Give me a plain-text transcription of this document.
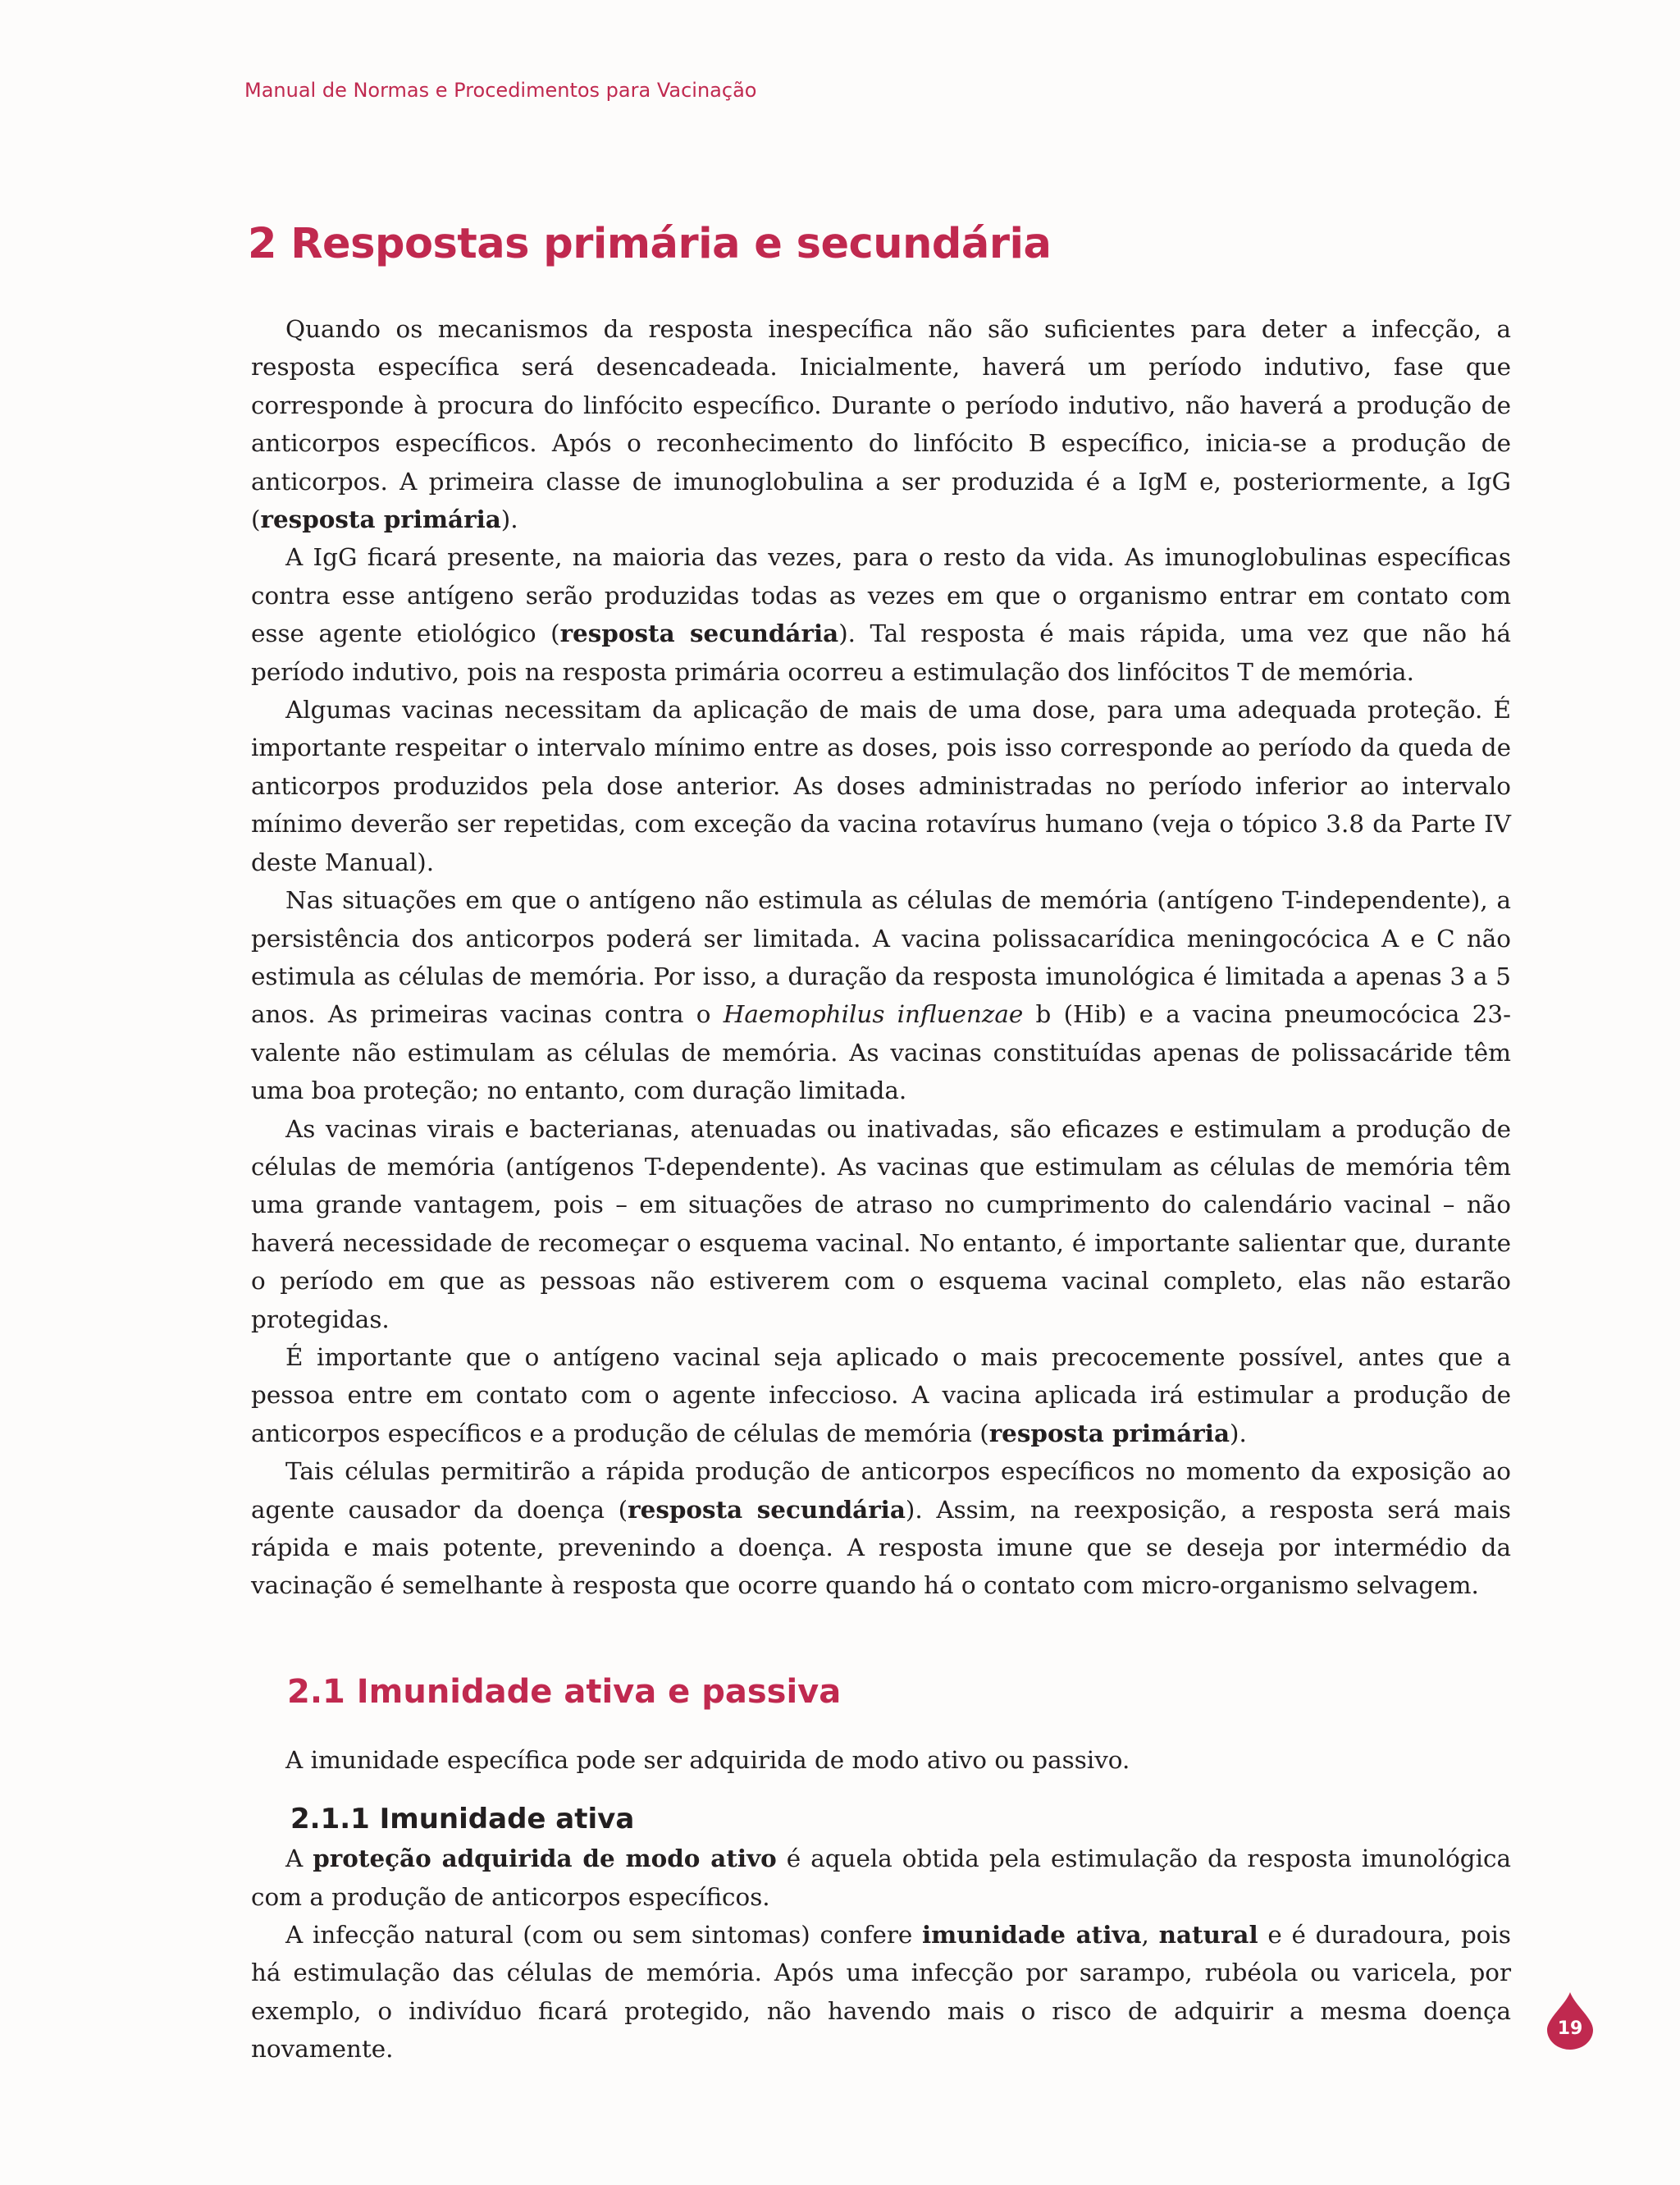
Manual de Normas e Procedimentos para Vacinação
2 Respostas primária e secundária

Quando os mecanismos da resposta inespecífica não são suficientes para deter a infecção, a resposta específica será desencadeada. Inicialmente, haverá um período indutivo, fase que corresponde à procura do linfócito específico. Durante o período indutivo, não haverá a produção de anticorpos específicos. Após o reconhecimento do linfócito B específico, inicia-se a produção de anticorpos. A primeira classe de imunoglobulina a ser produzida é a IgM e, posteriormente, a IgG (resposta primária).

A IgG ficará presente, na maioria das vezes, para o resto da vida. As imunoglobulinas específicas contra esse antígeno serão produzidas todas as vezes em que o organismo entrar em contato com esse agente etiológico (resposta secundária). Tal resposta é mais rápida, uma vez que não há período indutivo, pois na resposta primária ocorreu a estimulação dos linfócitos T de memória.

Algumas vacinas necessitam da aplicação de mais de uma dose, para uma adequada proteção. É importante respeitar o intervalo mínimo entre as doses, pois isso corresponde ao período da queda de anticorpos produzidos pela dose anterior. As doses administradas no período inferior ao intervalo mínimo deverão ser repetidas, com exceção da vacina rotavírus humano (veja o tópico 3.8 da Parte IV deste Manual).

Nas situações em que o antígeno não estimula as células de memória (antígeno T-independente), a persistência dos anticorpos poderá ser limitada. A vacina polissacarídica meningocócica A e C não estimula as células de memória. Por isso, a duração da resposta imunológica é limitada a apenas 3 a 5 anos. As primeiras vacinas contra o Haemophilus influenzae b (Hib) e a vacina pneumocócica 23-valente não estimulam as células de memória. As vacinas constituídas apenas de polissacáride têm uma boa proteção; no entanto, com duração limitada.

As vacinas virais e bacterianas, atenuadas ou inativadas, são eficazes e estimulam a produção de células de memória (antígenos T-dependente). As vacinas que estimulam as células de memória têm uma grande vantagem, pois – em situações de atraso no cumprimento do calendário vacinal – não haverá necessidade de recomeçar o esquema vacinal. No entanto, é importante salientar que, durante o período em que as pessoas não estiverem com o esquema vacinal completo, elas não estarão protegidas.

É importante que o antígeno vacinal seja aplicado o mais precocemente possível, antes que a pessoa entre em contato com o agente infeccioso. A vacina aplicada irá estimular a produção de anticorpos específicos e a produção de células de memória (resposta primária).

Tais células permitirão a rápida produção de anticorpos específicos no momento da exposição ao agente causador da doença (resposta secundária). Assim, na reexposição, a resposta será mais rápida e mais potente, prevenindo a doença. A resposta imune que se deseja por intermédio da vacinação é semelhante à resposta que ocorre quando há o contato com micro-organismo selvagem.

2.1 Imunidade ativa e passiva

A imunidade específica pode ser adquirida de modo ativo ou passivo.

2.1.1 Imunidade ativa

A proteção adquirida de modo ativo é aquela obtida pela estimulação da resposta imunológica com a produção de anticorpos específicos.

A infecção natural (com ou sem sintomas) confere imunidade ativa, natural e é duradoura, pois há estimulação das células de memória. Após uma infecção por sarampo, rubéola ou varicela, por exemplo, o indivíduo ficará protegido, não havendo mais o risco de adquirir a mesma doença novamente.

19
